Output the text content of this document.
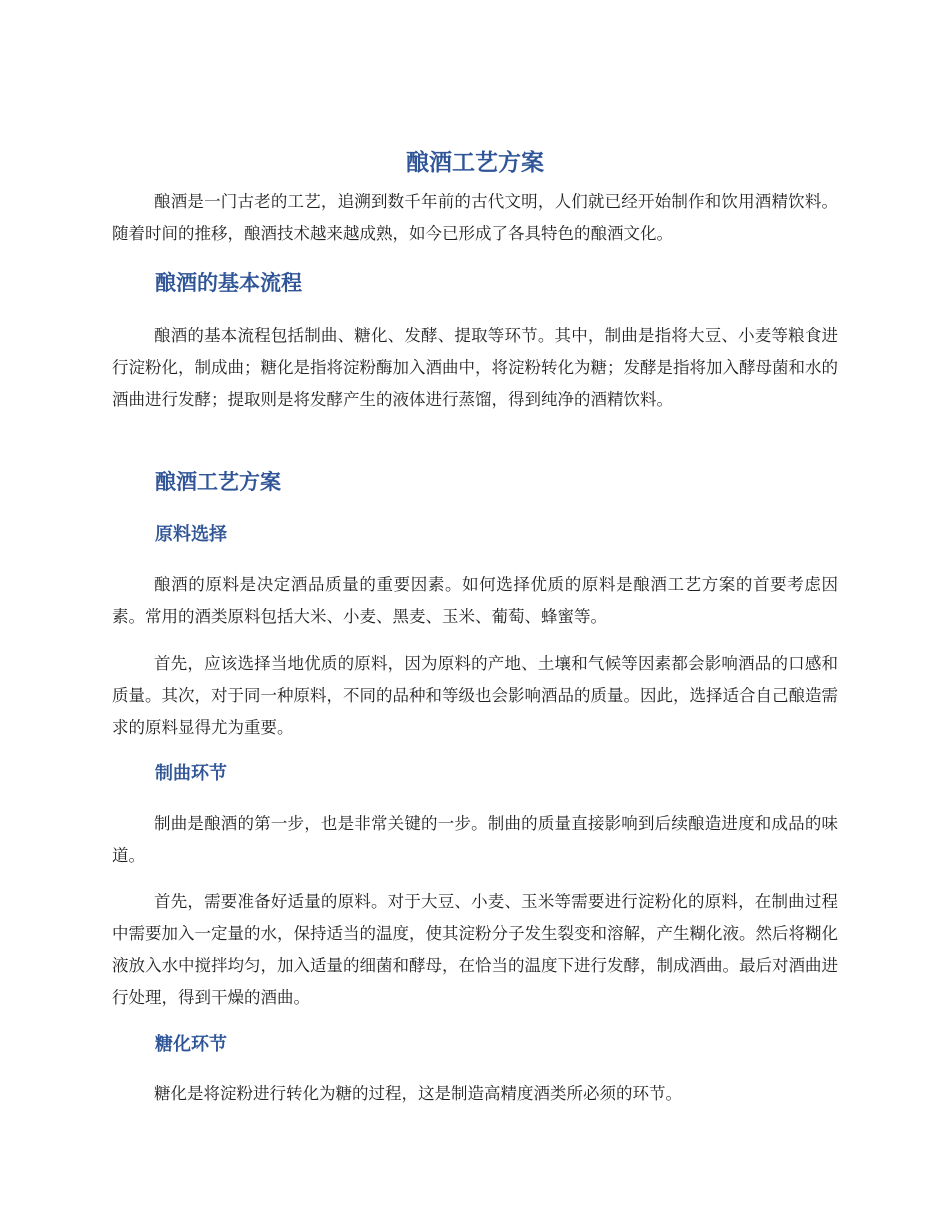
酿酒工艺方案

酿酒是一门古老的工艺，追溯到数千年前的古代文明，人们就已经开始制作和饮用酒精饮料。随着时间的推移，酿酒技术越来越成熟，如今已形成了各具特色的酿酒文化。

酿酒的基本流程

酿酒的基本流程包括制曲、糖化、发酵、提取等环节。其中，制曲是指将大豆、小麦等粮食进行淀粉化，制成曲；糖化是指将淀粉酶加入酒曲中，将淀粉转化为糖；发酵是指将加入酵母菌和水的酒曲进行发酵；提取则是将发酵产生的液体进行蒸馏，得到纯净的酒精饮料。

酿酒工艺方案
原料选择

酿酒的原料是决定酒品质量的重要因素。如何选择优质的原料是酿酒工艺方案的首要考虑因素。常用的酒类原料包括大米、小麦、黑麦、玉米、葡萄、蜂蜜等。

首先，应该选择当地优质的原料，因为原料的产地、土壤和气候等因素都会影响酒品的口感和质量。其次，对于同一种原料，不同的品种和等级也会影响酒品的质量。因此，选择适合自己酿造需求的原料显得尤为重要。

制曲环节

制曲是酿酒的第一步，也是非常关键的一步。制曲的质量直接影响到后续酿造进度和成品的味道。

首先，需要准备好适量的原料。对于大豆、小麦、玉米等需要进行淀粉化的原料，在制曲过程中需要加入一定量的水，保持适当的温度，使其淀粉分子发生裂变和溶解，产生糊化液。然后将糊化液放入水中搅拌均匀，加入适量的细菌和酵母，在恰当的温度下进行发酵，制成酒曲。最后对酒曲进行处理，得到干燥的酒曲。

糖化环节

糖化是将淀粉进行转化为糖的过程，这是制造高精度酒类所必须的环节。
